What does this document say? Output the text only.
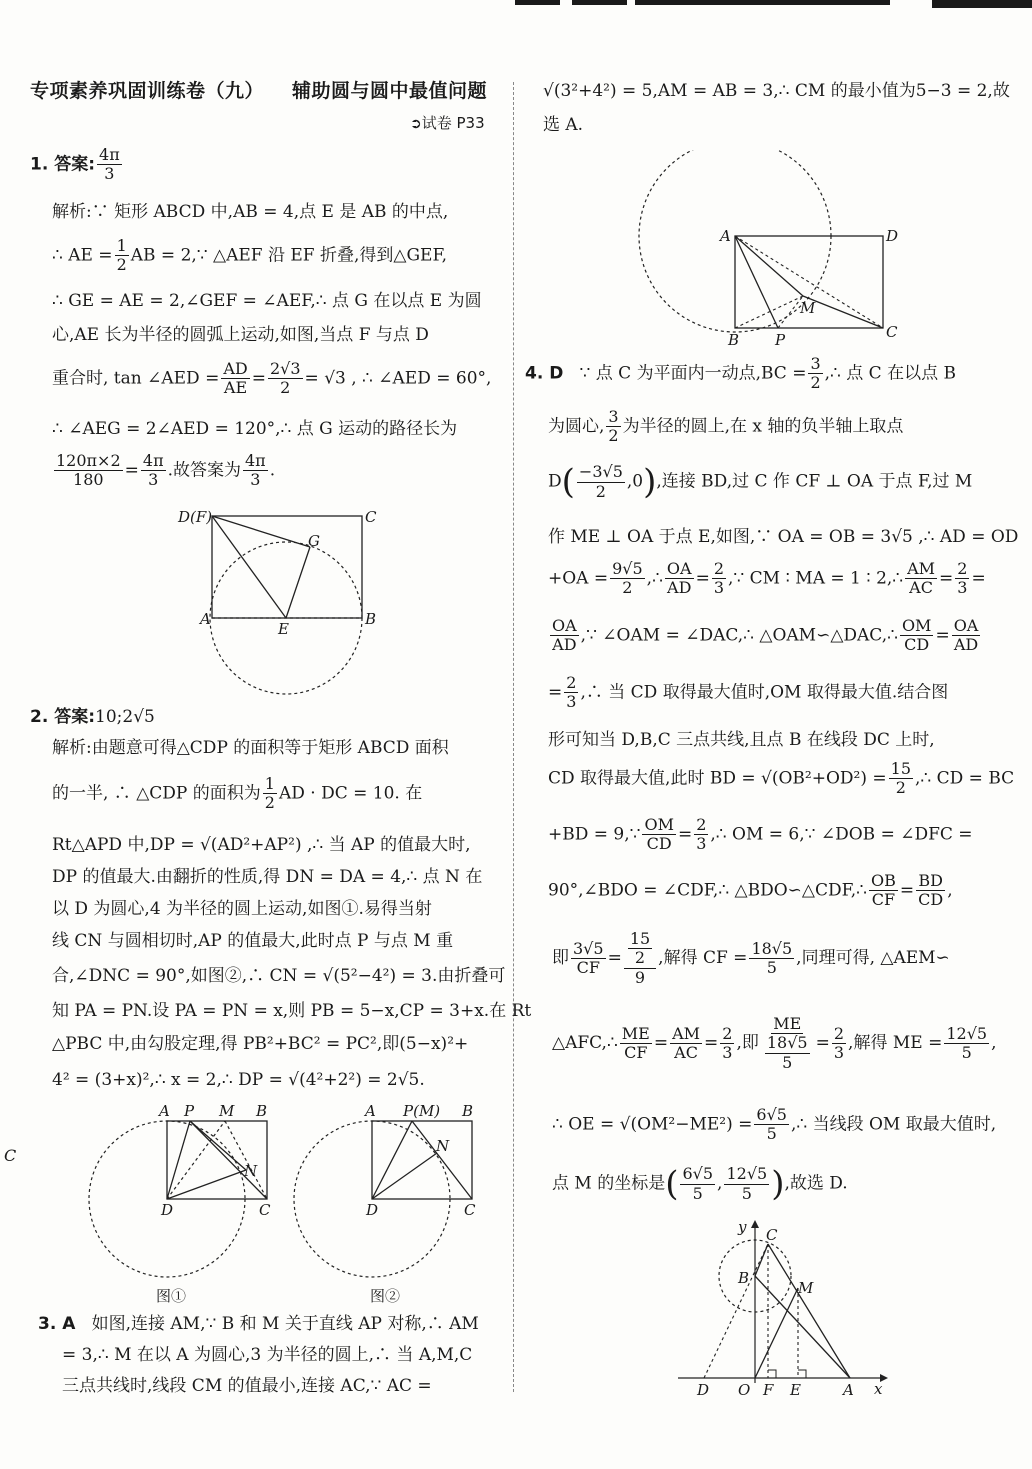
专项素养巩固训练卷（九） 辅助圆与圆中最值问题
➲试卷 P33
C
1. 答案: $\frac{4\pi}{3}$
解析:∵ 矩形 ABCD 中,AB = 4,点 E 是 AB 的中点,
∴ AE = $\frac{1}{2}$ AB = 2,∵ △AEF 沿 EF 折叠,得到△GEF,
∴ GE = AE = 2,∠GEF = ∠AEF,∴ 点 G 在以点 E 为圆
心,AE 长为半径的圆弧上运动,如图,当点 F 与点 D
重合时, tan ∠AED = $\frac{AD}{AE} = \frac{2√3}{2} = √3$ , ∴ ∠AED = 60°,
∴ ∠AEG = 2∠AED = 120°,∴ 点 G 运动的路径长为
$\frac{120\pi\times 2}{180} = \frac{4\pi}{3}$ .故答案为 $\frac{4\pi}{3}$ .
D(F)	C
G
A
E
B
2. 答案:10;2√5
解析:由题意可得△CDP 的面积等于矩形 ABCD 面积
的一半, ∴ △CDP 的面积为 $\frac{1}{2}$ AD · DC = 10. 在
Rt△APD 中,DP = √(AD²+AP²) ,∴ 当 AP 的值最大时,
DP 的值最大.由翻折的性质,得 DN = DA = 4,∴ 点 N 在
以 D 为圆心,4 为半径的圆上运动,如图①.易得当射
线 CN 与圆相切时,AP 的值最大,此时点 P 与点 M 重
合,∠DNC = 90°,如图②,∴ CN = √(5²−4²) = 3.由折叠可
知 PA = PN.设 PA = PN = x,则 PB = 5−x,CP = 3+x.在 Rt
△PBC 中,由勾股定理,得 PB²+BC² = PC²,即(5−x)²+
4² = (3+x)²,∴ x = 2,∴ DP = √(4²+2²) = 2√5.
A P M B
N
D	C
图①
A P(M) B
N
D	C
图②
3. A 如图,连接 AM,∵ B 和 M 关于直线 AP 对称,∴ AM
= 3,∴ M 在以 A 为圆心,3 为半径的圆上,∴ 当 A,M,C
三点共线时,线段 CM 的值最小,连接 AC,∵ AC =
√(3²+4²) = 5,AM = AB = 3,∴ CM 的最小值为5−3 = 2,故
选 A.
A	D
M
B P	C
4. D ∵ 点 C 为平面内一动点$,BC = \frac{3}{2}$ ,∴ 点 C 在以点 B
为圆心, $\frac{3}{2}$ 为半径的圆上,在 x 轴的负半轴上取点
$D( \frac{-3√5}{2} ,0)$,连接 BD,过 C 作 CF ⊥ OA 于点 F,过 M
作 ME ⊥ OA 于点 E,如图,∵ OA = OB = 3√5 ,∴ AD = OD
$+OA = \frac{9√5}{2}$ ,∴ $\frac{OA}{AD} = \frac{2}{3}$ ,∵ CM ∶ MA = 1 ∶ 2,∴ $\frac{AM}{AC} = \frac{2}{3}$ =
$\frac{OA}{AD}$ ,∵ ∠OAM = ∠DAC,∴ △OAM∽△DAC,∴ $\frac{OM}{CD} = \frac{OA}{AD}$
= $\frac{2}{3}$ ,∴ 当 CD 取得最大值时,OM 取得最大值.结合图
形可知当 D,B,C 三点共线,且点 B 在线段 DC 上时,
CD 取得最大值,此时 BD = $√(OB^2+OD^2) = \frac{15}{2}$ ,∴ CD = BC
+BD = 9,∵ $\frac{OM}{CD} = \frac{2}{3}$ ,∴ OM = 6,∵ ∠DOB = ∠DFC =
90°,∠BDO = ∠CDF,∴ △BDO∽△CDF,∴ $\frac{OB}{CF} = \frac{BD}{CD}$ ,
即 $\frac{3√5}{CF} = \frac{\frac{15}{2}}{9}$ ,解得 CF = $\frac{18√5}{5}$ ,同理可得, △AEM∽
△AFC,∴ $\frac{ME}{CF} = \frac{AM}{AC} = \frac{2}{3}$ ,即 $\frac{ME}{\frac{18√5}{5}} = \frac{2}{3}$ ,解得 ME = $\frac{12√5}{5}$ ,
∴ OE = $√(OM^2-ME^2) = \frac{6√5}{5}$ ,∴ 当线段 OM 取最大值时,
点 M 的坐标是( $\frac{6√5}{5}$ , $\frac{12√5}{5}$ ),故选 D.
y C
B
M
D O F E	A x
